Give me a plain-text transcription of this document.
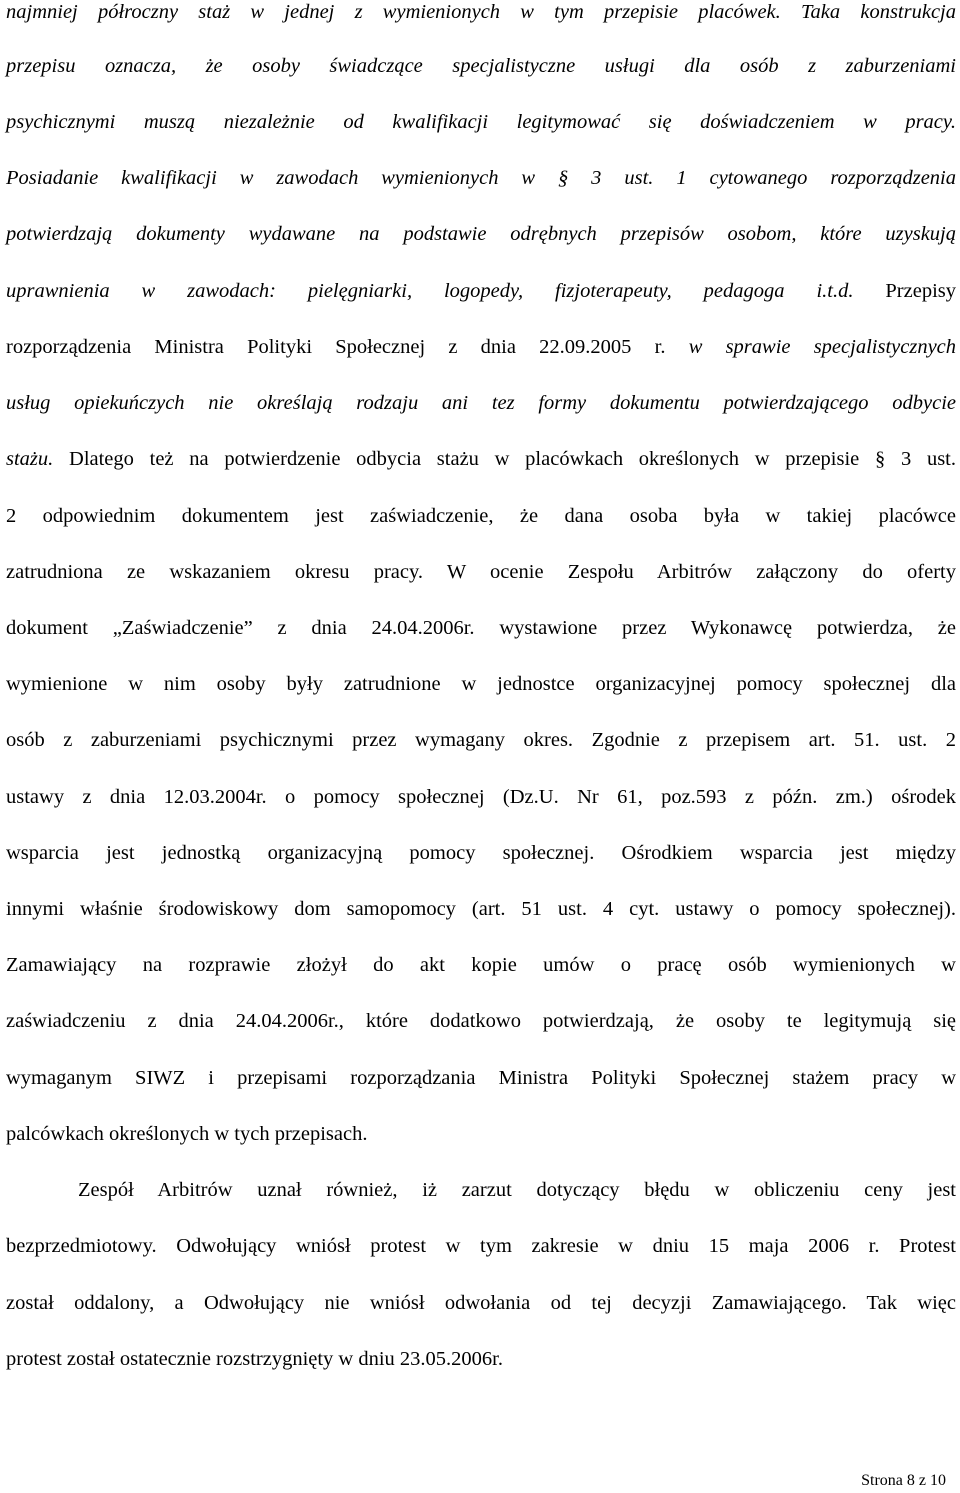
najmniej półroczny staż w jednej z wymienionych w tym przepisie placówek. Taka konstrukcja
przepisu oznacza, że osoby świadczące specjalistyczne usługi dla osób z zaburzeniami
psychicznymi muszą niezależnie od kwalifikacji legitymować się doświadczeniem w pracy.
Posiadanie kwalifikacji w zawodach wymienionych w § 3 ust. 1 cytowanego rozporządzenia
potwierdzają dokumenty wydawane na podstawie odrębnych przepisów osobom, które uzyskują
uprawnienia w zawodach: pielęgniarki, logopedy, fizjoterapeuty, pedagoga i.t.d. Przepisy
rozporządzenia Ministra Polityki Społecznej z dnia 22.09.2005 r. w sprawie specjalistycznych
usług opiekuńczych nie określają rodzaju ani tez formy dokumentu potwierdzającego odbycie
stażu. Dlatego też na potwierdzenie odbycia stażu w placówkach określonych w przepisie § 3 ust.
2 odpowiednim dokumentem jest zaświadczenie, że dana osoba była w takiej placówce
zatrudniona ze wskazaniem okresu pracy. W ocenie Zespołu Arbitrów załączony do oferty
dokument „Zaświadczenie” z dnia 24.04.2006r. wystawione przez Wykonawcę potwierdza, że
wymienione w nim osoby były zatrudnione w jednostce organizacyjnej pomocy społecznej dla
osób z zaburzeniami psychicznymi przez wymagany okres. Zgodnie z przepisem art. 51. ust. 2
ustawy z dnia 12.03.2004r. o pomocy społecznej (Dz.U. Nr 61, poz.593 z późn. zm.) ośrodek
wsparcia jest jednostką organizacyjną pomocy społecznej. Ośrodkiem wsparcia jest między
innymi właśnie środowiskowy dom samopomocy (art. 51 ust. 4 cyt. ustawy o pomocy społecznej).
Zamawiający na rozprawie złożył do akt kopie umów o pracę osób wymienionych w
zaświadczeniu z dnia 24.04.2006r., które dodatkowo potwierdzają, że osoby te legitymują się
wymaganym SIWZ i przepisami rozporządzania Ministra Polityki Społecznej stażem pracy w
palcówkach określonych w tych przepisach.
Zespół Arbitrów uznał również, iż zarzut dotyczący błędu w obliczeniu ceny jest
bezprzedmiotowy. Odwołujący wniósł protest w tym zakresie w dniu 15 maja 2006 r. Protest
został oddalony, a Odwołujący nie wniósł odwołania od tej decyzji Zamawiającego. Tak więc
protest został ostatecznie rozstrzygnięty w dniu 23.05.2006r.
Strona 8 z 10
